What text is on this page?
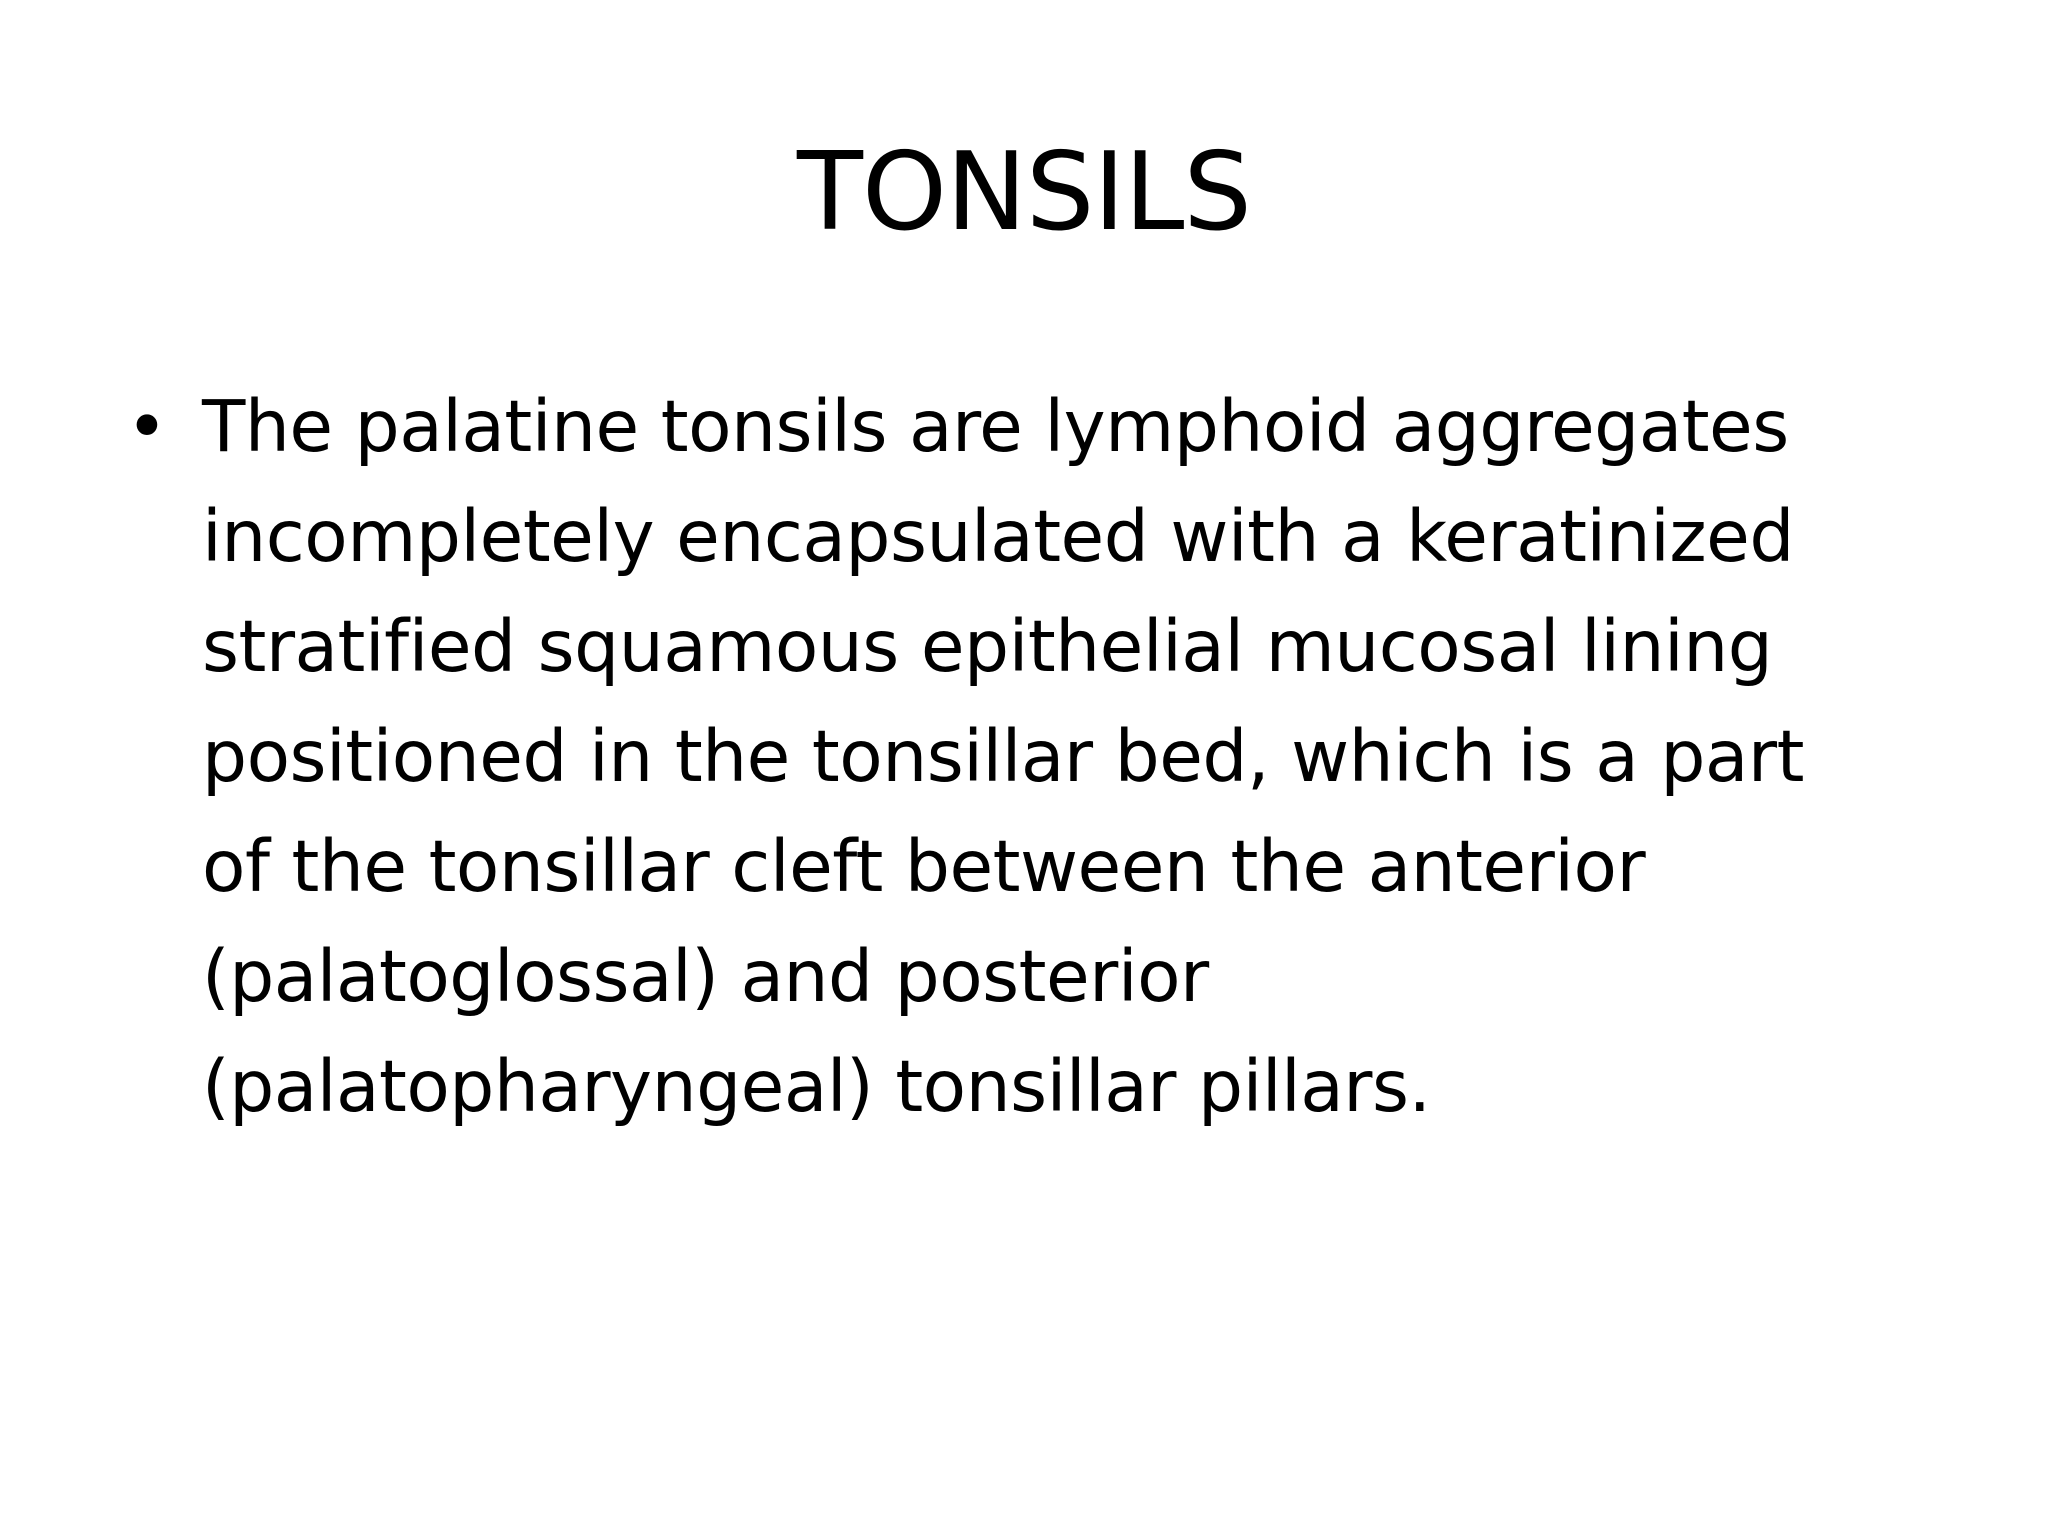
TONSILS
• The palatine tonsils are lymphoid aggregates
incompletely encapsulated with a keratinized
stratified squamous epithelial mucosal lining
positioned in the tonsillar bed, which is a part
of the tonsillar cleft between the anterior
(palatoglossal) and posterior
(palatopharyngeal) tonsillar pillars.
